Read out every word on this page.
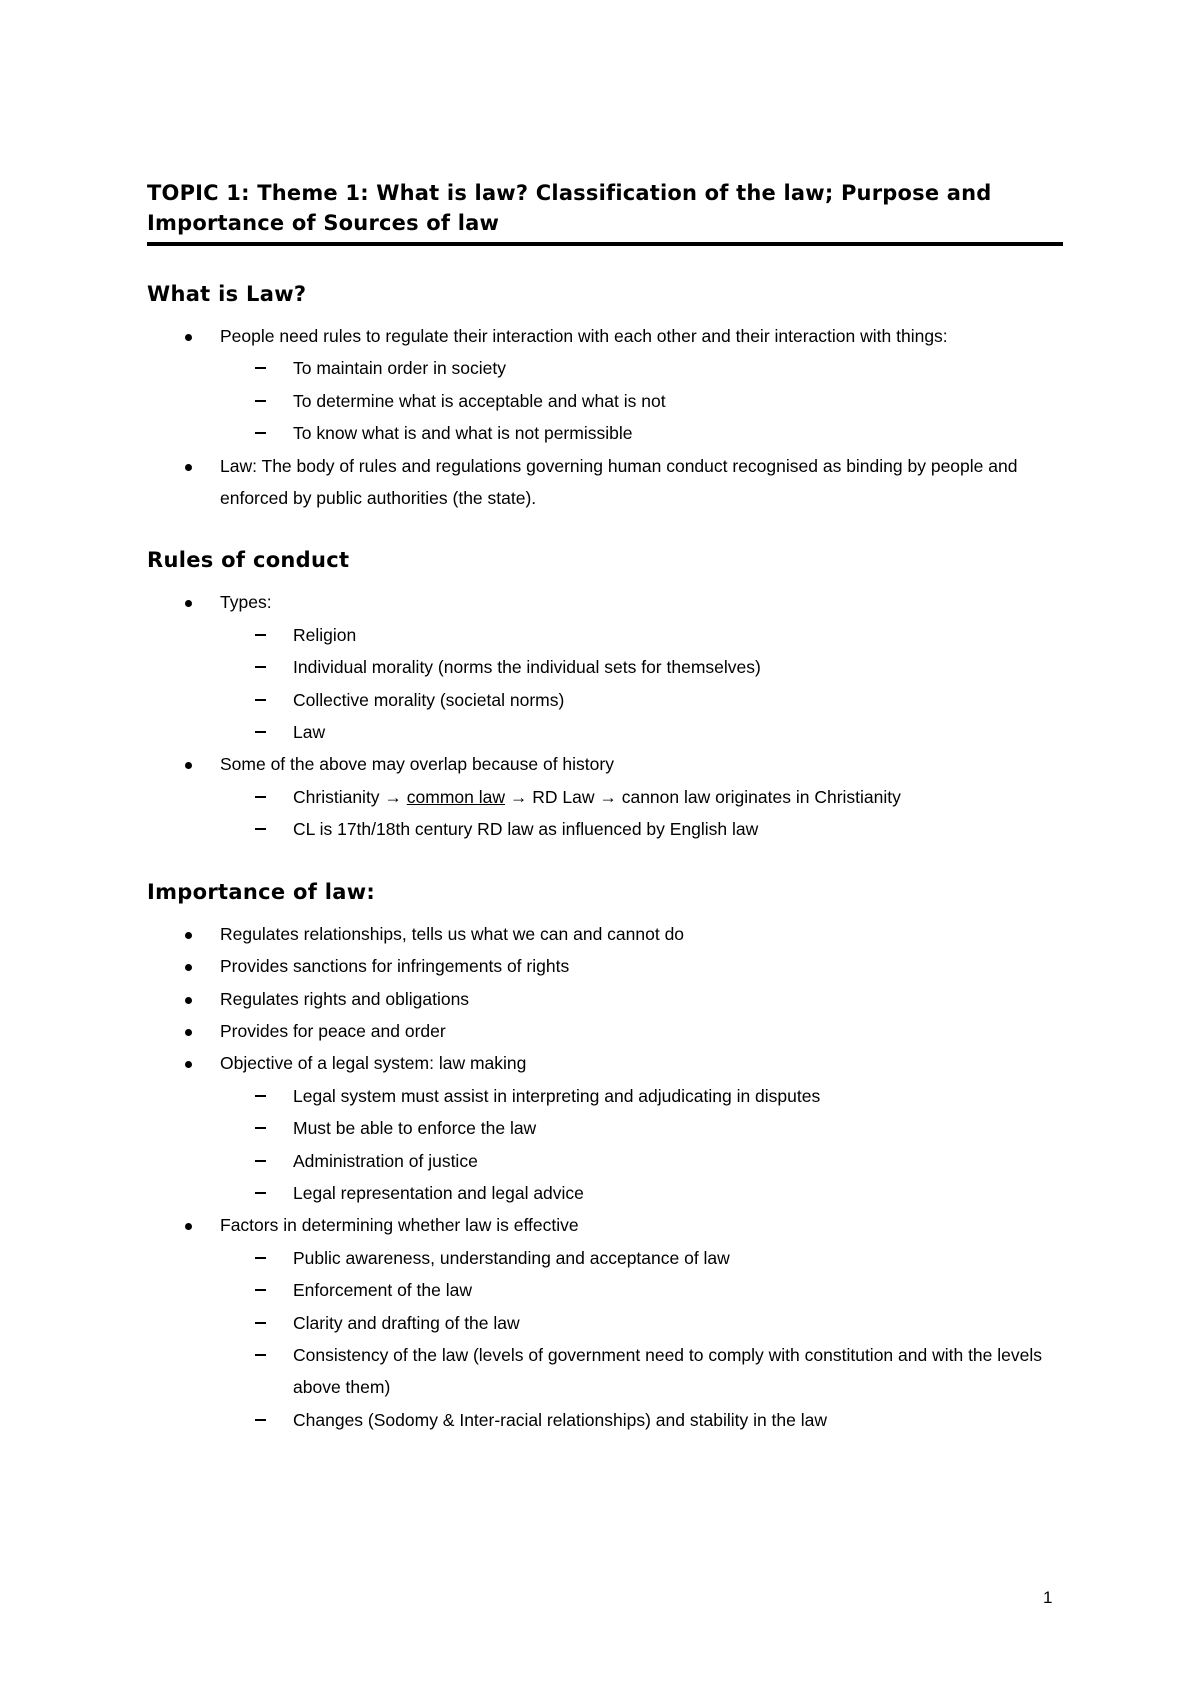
TOPIC 1: Theme 1: What is law? Classification of the law; Purpose and Importance of Sources of law
What is Law?
People need rules to regulate their interaction with each other and their interaction with things:
To maintain order in society
To determine what is acceptable and what is not
To know what is and what is not permissible
Law: The body of rules and regulations governing human conduct recognised as binding by people and enforced by public authorities (the state).
Rules of conduct
Types:
Religion
Individual morality (norms the individual sets for themselves)
Collective morality (societal norms)
Law
Some of the above may overlap because of history
Christianity → common law → RD Law → cannon law originates in Christianity
CL is 17th/18th century RD law as influenced by English law
Importance of law:
Regulates relationships, tells us what we can and cannot do
Provides sanctions for infringements of rights
Regulates rights and obligations
Provides for peace and order
Objective of a legal system: law making
Legal system must assist in interpreting and adjudicating in disputes
Must be able to enforce the law
Administration of justice
Legal representation and legal advice
Factors in determining whether law is effective
Public awareness, understanding and acceptance of law
Enforcement of the law
Clarity and drafting of the law
Consistency of the law (levels of government need to comply with constitution and with the levels above them)
Changes (Sodomy & Inter-racial relationships) and stability in the law
1
